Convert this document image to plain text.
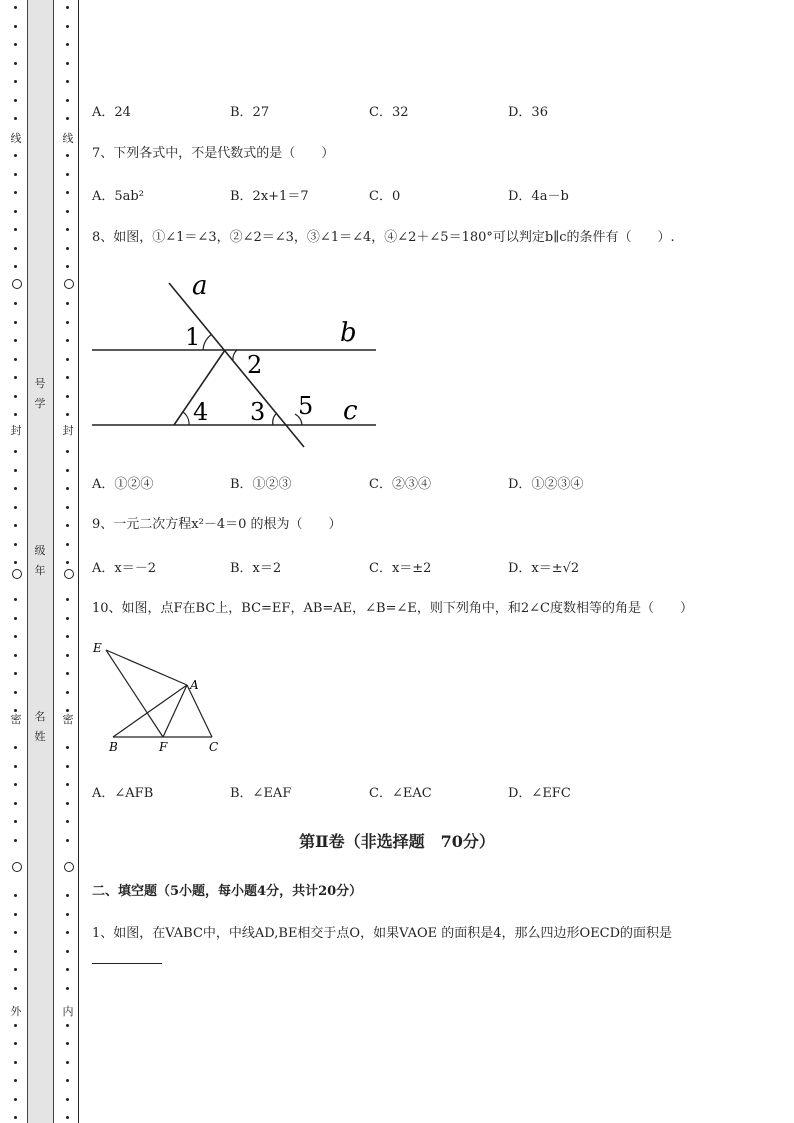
线
封
密
外
线
封
密
内
号
学
级
年
名
姓
A．24	B．27	C．32	D．36
7、下列各式中，不是代数式的是（　　）
A．5ab²	B．2x+1＝7	C．0	D．4a－b
8、如图，①∠1＝∠3，②∠2＝∠3，③∠1＝∠4，④∠2＋∠5＝180°可以判定b∥c的条件有（　　）.
a
b
c
1
2
3
4	5
A．①②④	B．①②③	C．②③④	D．①②③④
9、一元二次方程x²－4＝0 的根为（　　）
A．x＝－2	B．x＝2	C．x＝±2	D．x＝±√2
10、如图，点F在BC上，BC=EF，AB=AE，∠B=∠E，则下列角中，和2∠C度数相等的角是（　　）
E
A
B	F	C
A．∠AFB	B．∠EAF	C．∠EAC	D．∠EFC
第Ⅱ卷（非选择题　70分）
二、填空题（5小题，每小题4分，共计20分）
1、如图，在VABC中，中线AD,BE相交于点O，如果VAOE 的面积是4，那么四边形OECD的面积是
